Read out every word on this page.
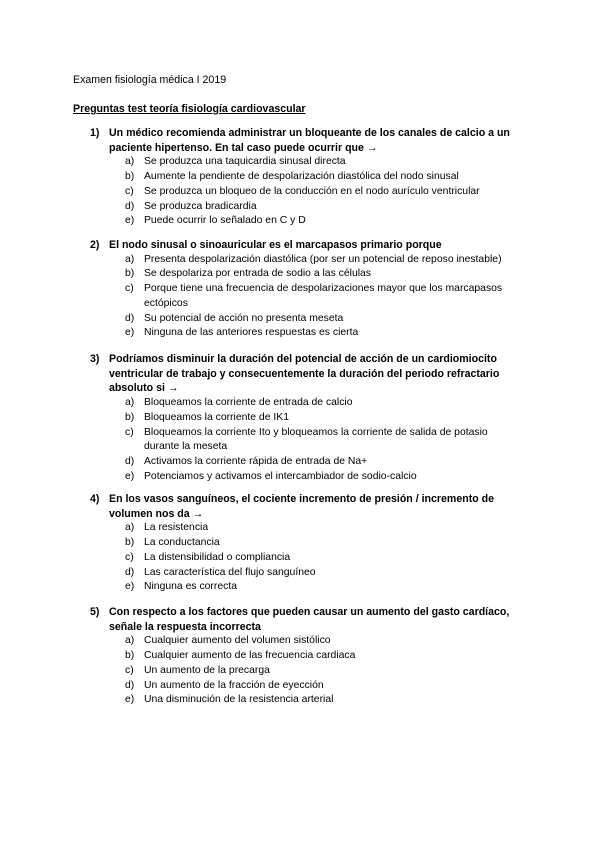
Examen fisiología médica I 2019
Preguntas test teoría fisiología cardiovascular
1) Un médico recomienda administrar un bloqueante de los canales de calcio a un paciente hipertenso. En tal caso puede ocurrir que →
a) Se produzca una taquicardia sinusal directa
b) Aumente la pendiente de despolarización diastólica del nodo sinusal
c) Se produzca un bloqueo de la conducción en el nodo aurículo ventricular
d) Se produzca bradicardia
e) Puede ocurrir lo señalado en C y D
2) El nodo sinusal o sinoauricular es el marcapasos primario porque
a) Presenta despolarización diastólica (por ser un potencial de reposo inestable)
b) Se despolariza por entrada de sodio a las células
c) Porque tiene una frecuencia de despolarizaciones mayor que los marcapasos ectópicos
d) Su potencial de acción no presenta meseta
e) Ninguna de las anteriores respuestas es cierta
3) Podríamos disminuir la duración del potencial de acción de un cardiomiocito ventricular de trabajo y consecuentemente la duración del periodo refractario absoluto si →
a) Bloqueamos la corriente de entrada de calcio
b) Bloqueamos la corriente de IK1
c) Bloqueamos la corriente Ito y bloqueamos la corriente de salida de potasio durante la meseta
d) Activamos la corriente rápida de entrada de Na+
e) Potenciamos y activamos el intercambiador de sodio-calcio
4) En los vasos sanguíneos, el cociente incremento de presión / incremento de volumen nos da →
a) La resistencia
b) La conductancia
c) La distensibilidad o compliancia
d) Las característica del flujo sanguíneo
e) Ninguna es correcta
5) Con respecto a los factores que pueden causar un aumento del gasto cardíaco, señale la respuesta incorrecta
a) Cualquier aumento del volumen sistólico
b) Cualquier aumento de las frecuencia cardiaca
c) Un aumento de la precarga
d) Un aumento de la fracción de eyección
e) Una disminución de la resistencia arterial
